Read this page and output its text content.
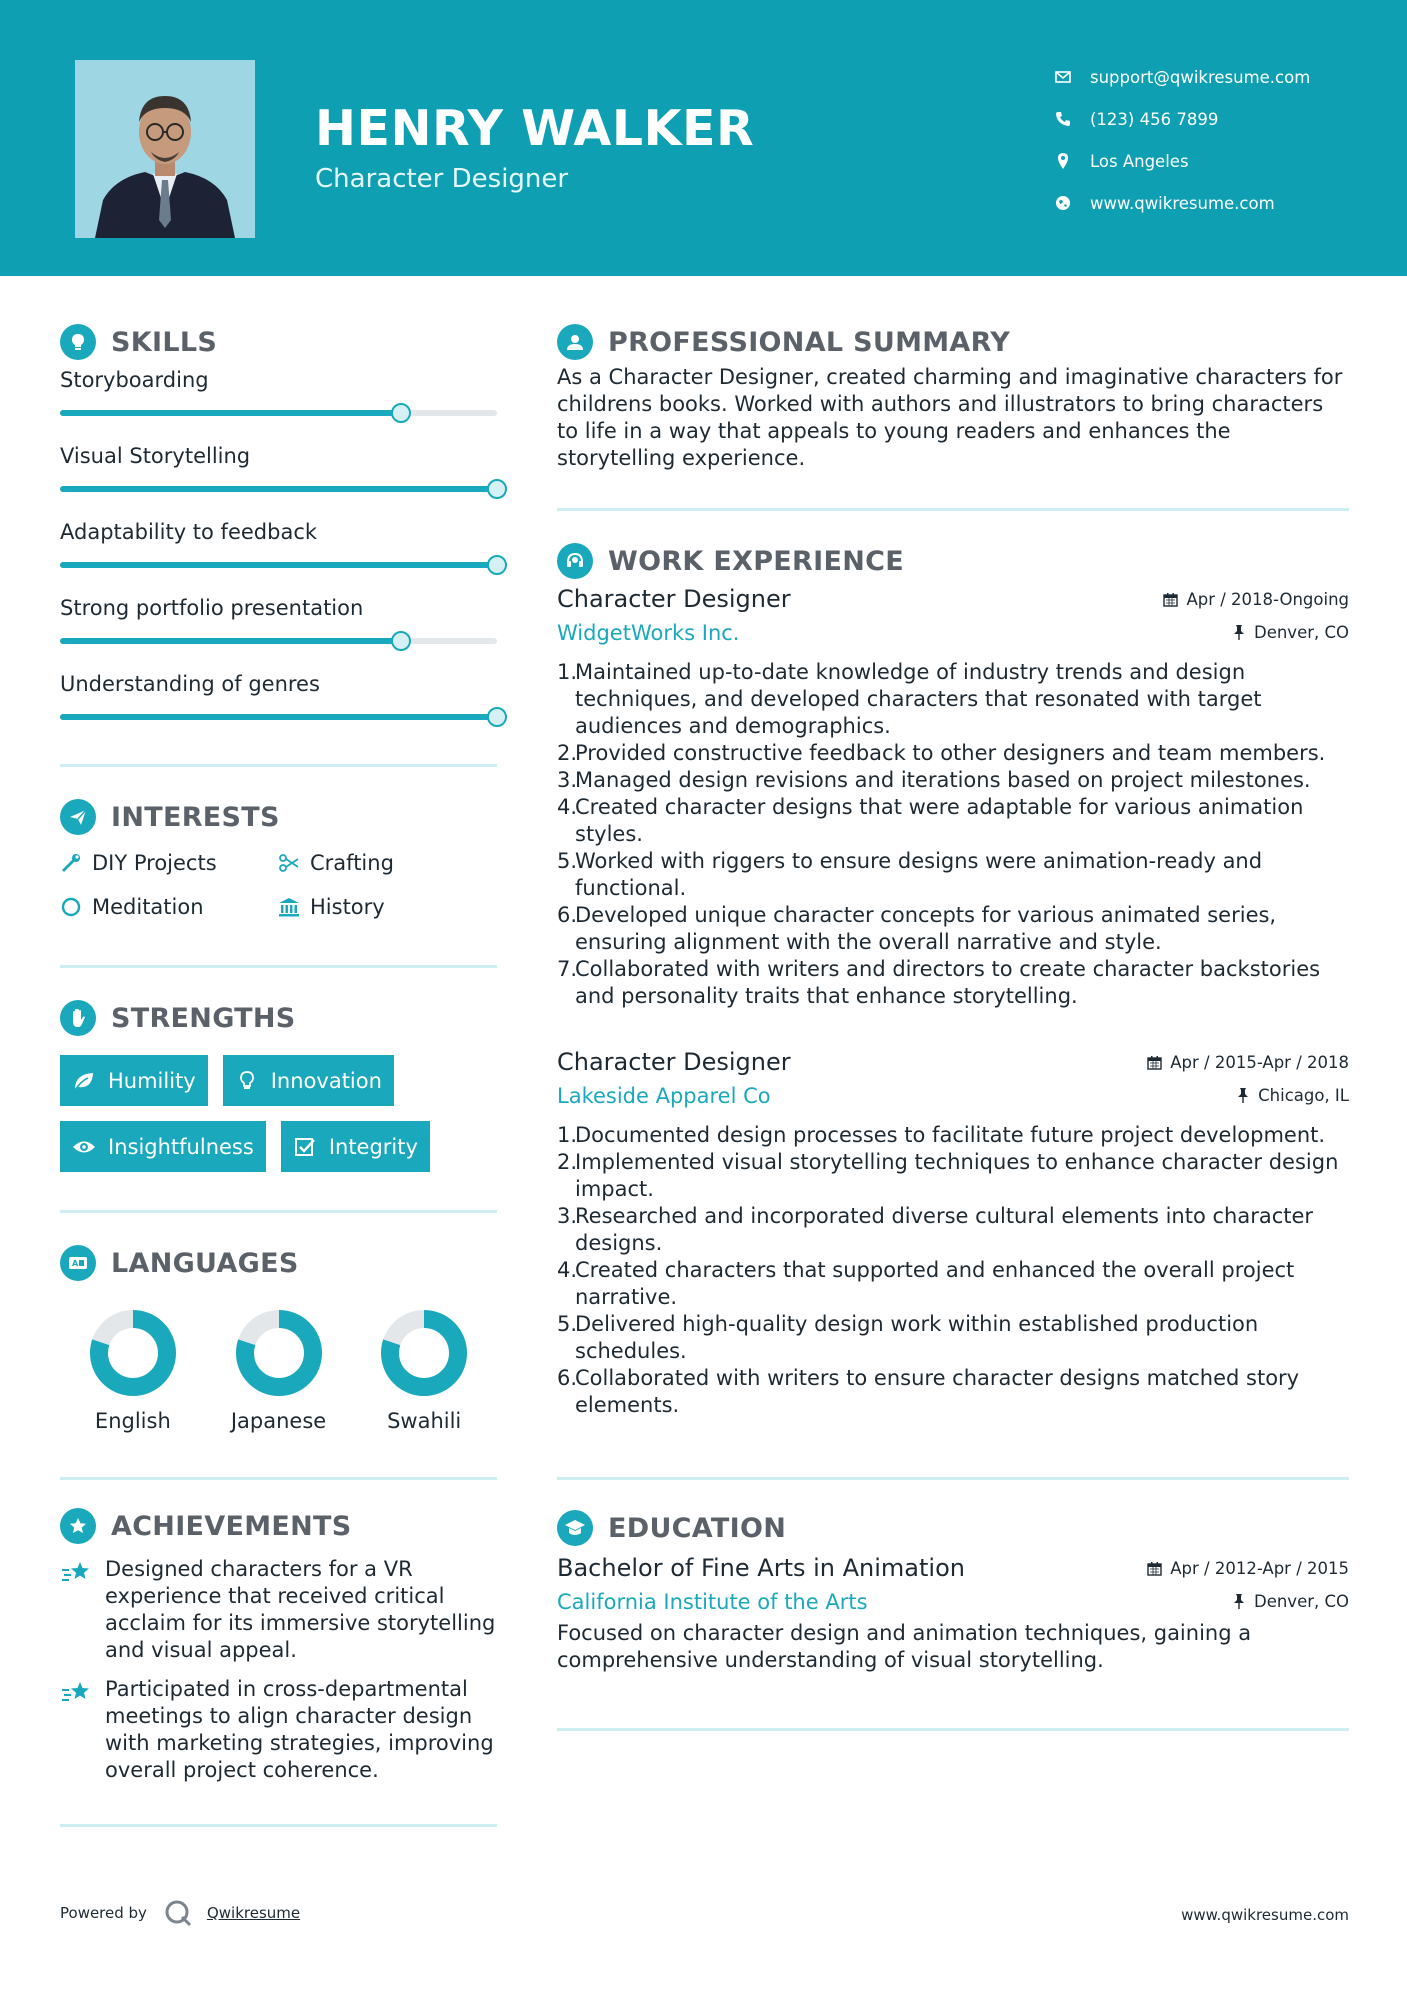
HENRY WALKER
Character Designer
support@qwikresume.com
(123) 456 7899
Los Angeles
www.qwikresume.com
SKILLS
Storyboarding
Visual Storytelling
Adaptability to feedback
Strong portfolio presentation
Understanding of genres
INTERESTS
DIY Projects	Crafting
Meditation	History
STRENGTHS
Humility	Innovation
Insightfulness	Integrity
A LANGUAGES
English	Japanese	Swahili
ACHIEVEMENTS
Designed characters for a VR experience that received critical acclaim for its immersive storytelling and visual appeal.
Participated in cross-departmental meetings to align character design with marketing strategies, improving overall project coherence.
PROFESSIONAL SUMMARY
As a Character Designer, created charming and imaginative characters for childrens books. Worked with authors and illustrators to bring characters to life in a way that appeals to young readers and enhances the storytelling experience.
WORK EXPERIENCE
Character Designer	Apr / 2018-Ongoing
WidgetWorks Inc.	Denver, CO
1.
Maintained up-to-date knowledge of industry trends and design techniques, and developed characters that resonated with target audiences and demographics.
2.
Provided constructive feedback to other designers and team members.
3.
Managed design revisions and iterations based on project milestones.
4.
Created character designs that were adaptable for various animation styles.
5.
Worked with riggers to ensure designs were animation-ready and functional.
6.
Developed unique character concepts for various animated series, ensuring alignment with the overall narrative and style.
7.
Collaborated with writers and directors to create character backstories and personality traits that enhance storytelling.
Character Designer	Apr / 2015-Apr / 2018
Lakeside Apparel Co	Chicago, IL
1.
Documented design processes to facilitate future project development.
2.
Implemented visual storytelling techniques to enhance character design impact.
3.
Researched and incorporated diverse cultural elements into character designs.
4.
Created characters that supported and enhanced the overall project narrative.
5.
Delivered high-quality design work within established production schedules.
6.
Collaborated with writers to ensure character designs matched story elements.
EDUCATION
Bachelor of Fine Arts in Animation	Apr / 2012-Apr / 2015
California Institute of the Arts	Denver, CO
Focused on character design and animation techniques, gaining a comprehensive understanding of visual storytelling.
Powered by	Qwikresume	www.qwikresume.com
